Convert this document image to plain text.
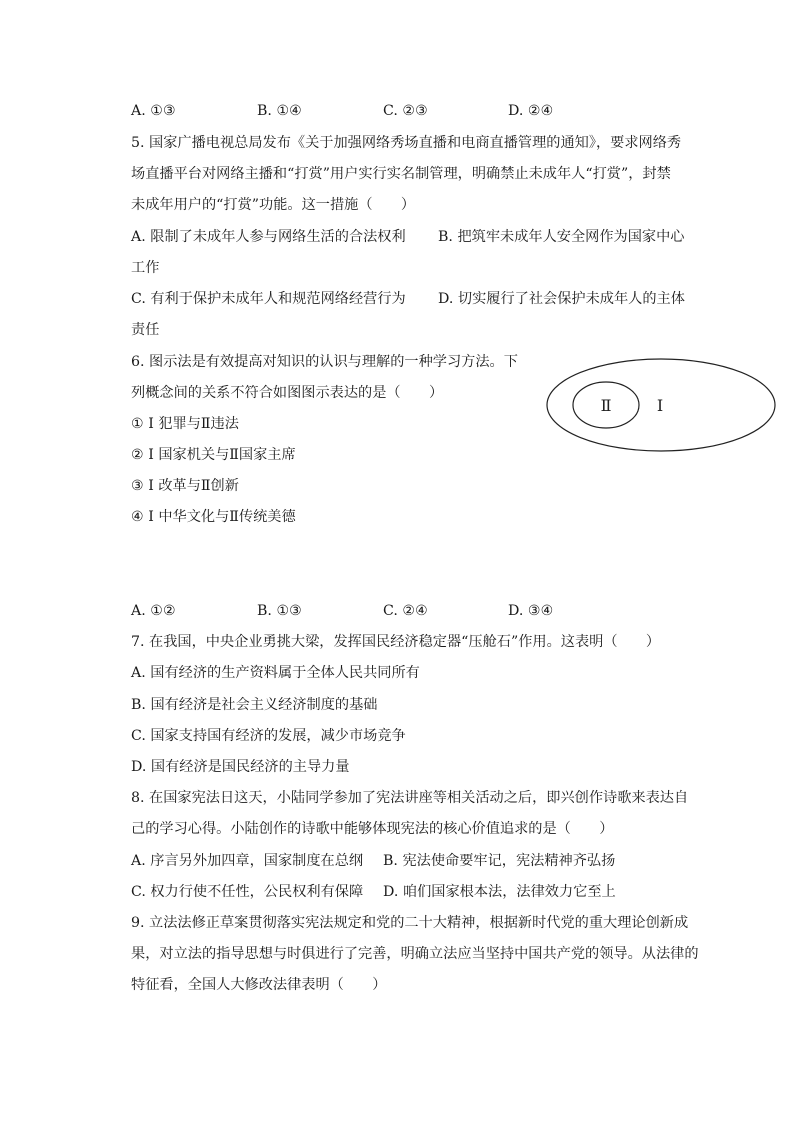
A. ①③	B. ①④	C. ②③	D. ②④
5. 国家广播电视总局发布《关于加强网络秀场直播和电商直播管理的通知》，要求网络秀
场直播平台对网络主播和“打赏”用户实行实名制管理，明确禁止未成年人“打赏”，封禁
未成年用户的“打赏”功能。这一措施（　　）
A. 限制了未成年人参与网络生活的合法权利 B. 把筑牢未成年人安全网作为国家中心
工作
C. 有利于保护未成年人和规范网络经营行为 D. 切实履行了社会保护未成年人的主体
责任
6. 图示法是有效提高对知识的认识与理解的一种学习方法。下
列概念间的关系不符合如图图示表达的是（　　）
① I 犯罪与Ⅱ违法
② I 国家机关与Ⅱ国家主席
③ I 改革与Ⅱ创新
④ I 中华文化与Ⅱ传统美德
Ⅱ	I
A. ①②	B. ①③	C. ②④	D. ③④
7. 在我国，中央企业勇挑大梁，发挥国民经济稳定器“压舱石”作用。这表明（　　）
A. 国有经济的生产资料属于全体人民共同所有
B. 国有经济是社会主义经济制度的基础
C. 国家支持国有经济的发展，减少市场竞争
D. 国有经济是国民经济的主导力量
8. 在国家宪法日这天，小陆同学参加了宪法讲座等相关活动之后，即兴创作诗歌来表达自
己的学习心得。小陆创作的诗歌中能够体现宪法的核心价值追求的是（　　）
A. 序言另外加四章，国家制度在总纲 B. 宪法使命要牢记，宪法精神齐弘扬
C. 权力行使不任性，公民权利有保障 D. 咱们国家根本法，法律效力它至上
9. 立法法修正草案贯彻落实宪法规定和党的二十大精神，根据新时代党的重大理论创新成
果，对立法的指导思想与时俱进行了完善，明确立法应当坚持中国共产党的领导。从法律的
特征看，全国人大修改法律表明（　　）
